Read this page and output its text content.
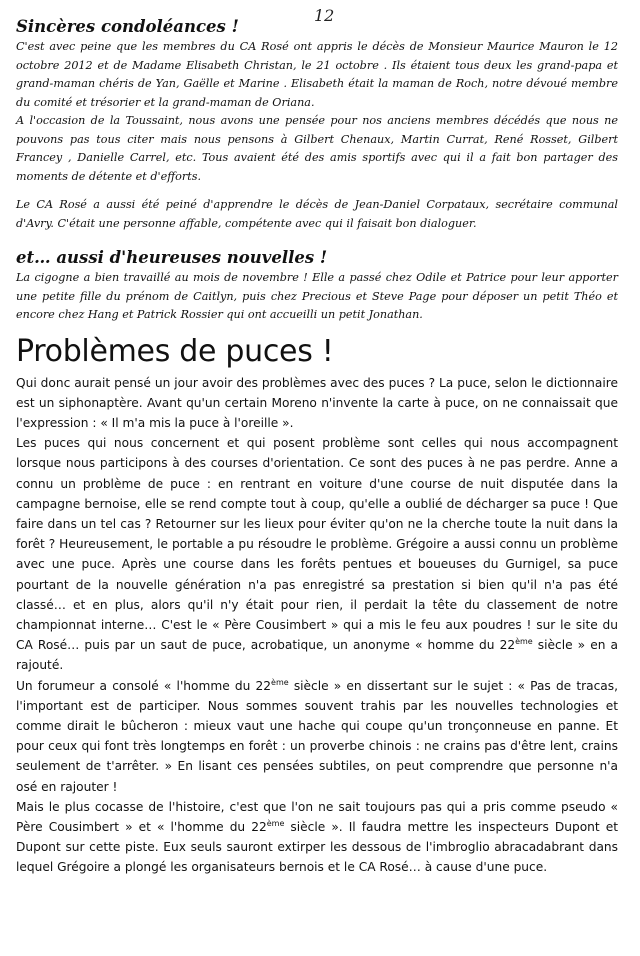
12
Sincères condoléances !

C'est avec peine que les membres du CA Rosé ont appris le décès de Monsieur Maurice Mauron le 12 octobre 2012 et de Madame Elisabeth Christan, le 21 octobre . Ils étaient tous deux les grand-papa et grand-maman chéris de Yan, Gaëlle et Marine . Elisabeth était la maman de Roch, notre dévoué membre du comité et trésorier et la grand-maman de Oriana.

A l'occasion de la Toussaint, nous avons une pensée pour nos anciens membres décédés que nous ne pouvons pas tous citer mais nous pensons à Gilbert Chenaux, Martin Currat, René Rosset, Gilbert Francey , Danielle Carrel, etc. Tous avaient été des amis sportifs avec qui il a fait bon partager des moments de détente et d'efforts.

Le CA Rosé a aussi été peiné d'apprendre le décès de Jean-Daniel Corpataux, secrétaire communal d'Avry. C'était une personne affable, compétente avec qui il faisait bon dialoguer.

et… aussi d'heureuses nouvelles !

La cigogne a bien travaillé au mois de novembre ! Elle a passé chez Odile et Patrice pour leur apporter une petite fille du prénom de Caitlyn, puis chez Precious et Steve Page pour déposer un petit Théo et encore chez Hang et Patrick Rossier qui ont accueilli un petit Jonathan.

Problèmes de puces !

Qui donc aurait pensé un jour avoir des problèmes avec des puces ? La puce, selon le dictionnaire est un siphonaptère. Avant qu'un certain Moreno n'invente la carte à puce, on ne connaissait que l'expression : « Il m'a mis la puce à l'oreille ».

Les puces qui nous concernent et qui posent problème sont celles qui nous accompagnent lorsque nous participons à des courses d'orientation. Ce sont des puces à ne pas perdre. Anne a connu un problème de puce : en rentrant en voiture d'une course de nuit disputée dans la campagne bernoise, elle se rend compte tout à coup, qu'elle a oublié de décharger sa puce ! Que faire dans un tel cas ? Retourner sur les lieux pour éviter qu'on ne la cherche toute la nuit dans la forêt ? Heureusement, le portable a pu résoudre le problème. Grégoire a aussi connu un problème avec une puce. Après une course dans les forêts pentues et boueuses du Gurnigel, sa puce pourtant de la nouvelle génération n'a pas enregistré sa prestation si bien qu'il n'a pas été classé… et en plus, alors qu'il n'y était pour rien, il perdait la tête du classement de notre championnat interne… C'est le « Père Cousimbert » qui a mis le feu aux poudres ! sur le site du CA Rosé… puis par un saut de puce, acrobatique, un anonyme « homme du 22ème siècle » en a rajouté.

Un forumeur a consolé « l'homme du 22ème siècle » en dissertant sur le sujet : « Pas de tracas, l'important est de participer. Nous sommes souvent trahis par les nouvelles technologies et comme dirait le bûcheron : mieux vaut une hache qui coupe qu'un tronçonneuse en panne. Et pour ceux qui font très longtemps en forêt : un proverbe chinois : ne crains pas d'être lent, crains seulement de t'arrêter. » En lisant ces pensées subtiles, on peut comprendre que personne n'a osé en rajouter !

Mais le plus cocasse de l'histoire, c'est que l'on ne sait toujours pas qui a pris comme pseudo « Père Cousimbert » et « l'homme du 22ème siècle ». Il faudra mettre les inspecteurs Dupont et Dupont sur cette piste. Eux seuls sauront extirper les dessous de l'imbroglio abracadabrant dans lequel Grégoire a plongé les organisateurs bernois et le CA Rosé… à cause d'une puce.
